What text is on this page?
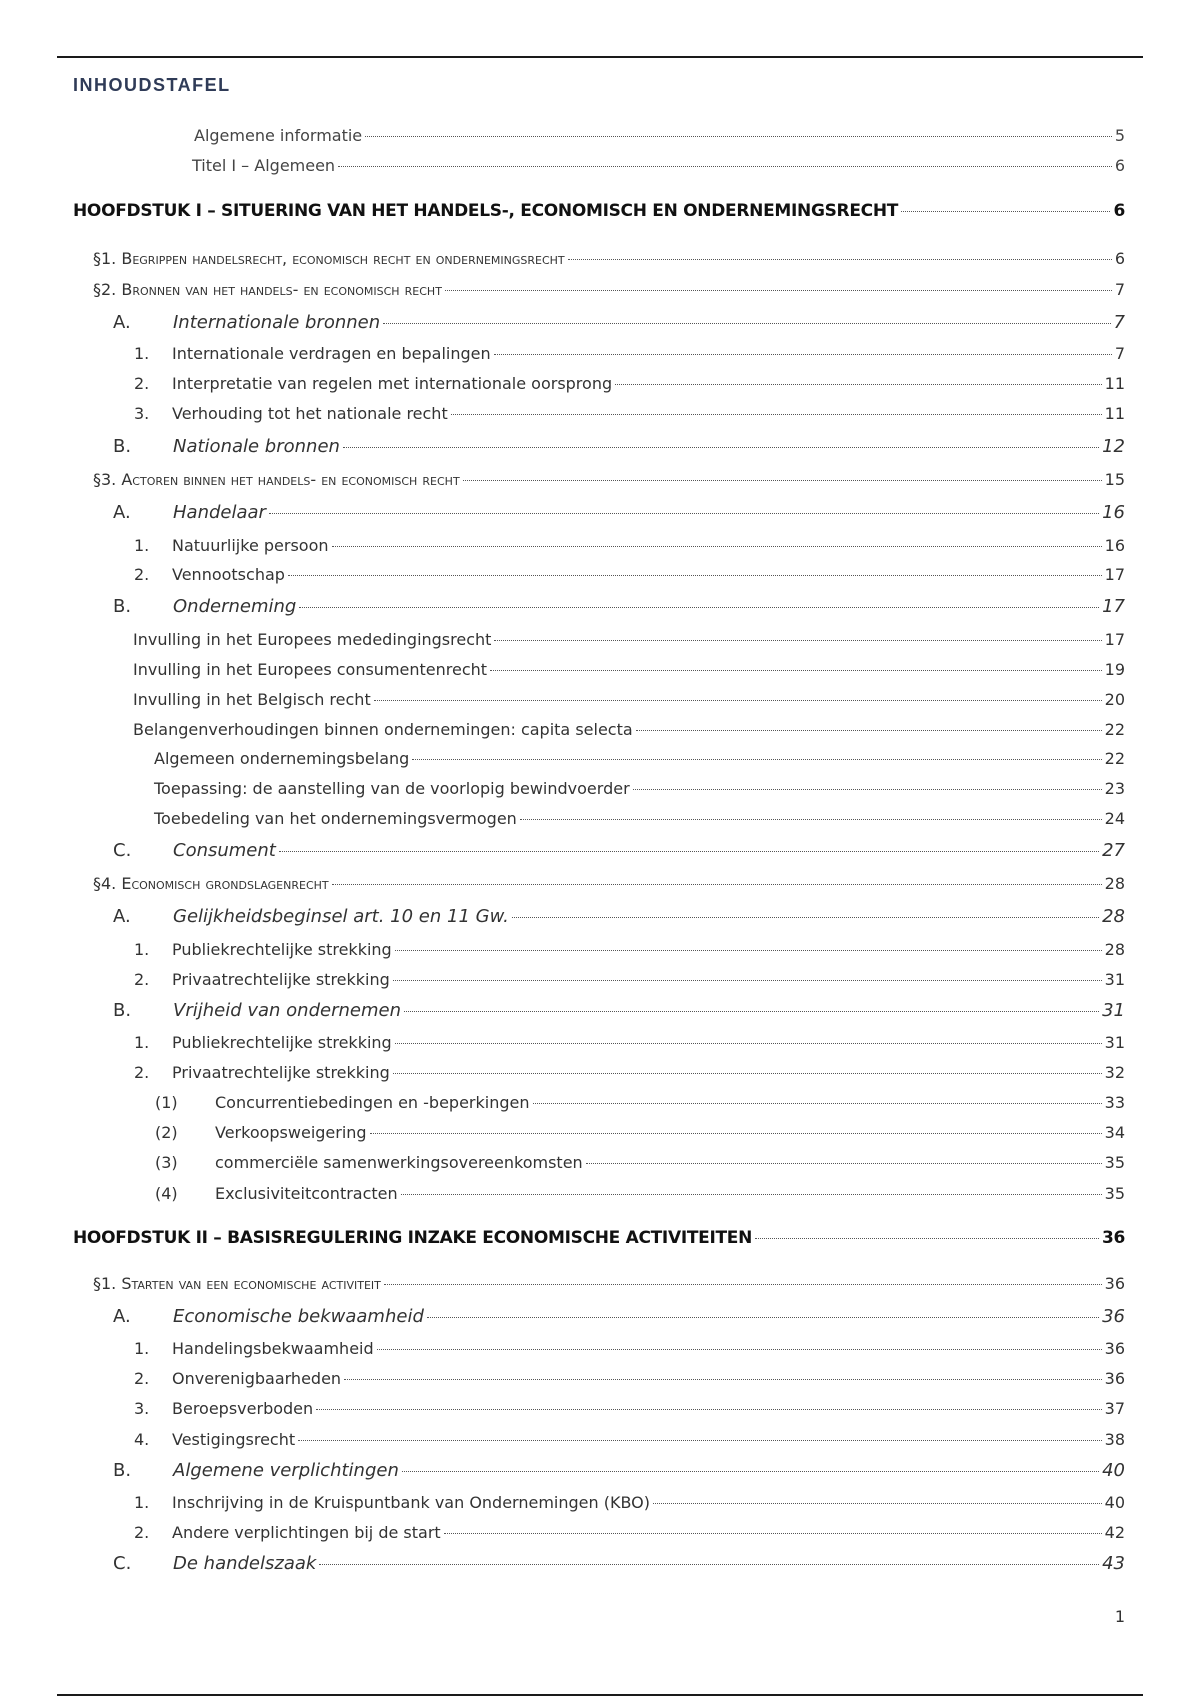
INHOUDSTAFEL
Algemene informatie	5
Titel I – Algemeen	6
HOOFDSTUK I – SITUERING VAN HET HANDELS-, ECONOMISCH EN ONDERNEMINGSRECHT	6
§1. Begrippen handelsrecht, economisch recht en ondernemingsrecht	6
§2. Bronnen van het handels- en economisch recht	7
A.	Internationale bronnen	7
1.	Internationale verdragen en bepalingen	7
2.	Interpretatie van regelen met internationale oorsprong	11
3.	Verhouding tot het nationale recht	11
B.	Nationale bronnen	12
§3. Actoren binnen het handels- en economisch recht	15
A.	Handelaar	16
1.	Natuurlijke persoon	16
2.	Vennootschap	17
B.	Onderneming	17
Invulling in het Europees mededingingsrecht	17
Invulling in het Europees consumentenrecht	19
Invulling in het Belgisch recht	20
Belangenverhoudingen binnen ondernemingen: capita selecta	22
Algemeen ondernemingsbelang	22
Toepassing: de aanstelling van de voorlopig bewindvoerder	23
Toebedeling van het ondernemingsvermogen	24
C.	Consument	27
§4. Economisch grondslagenrecht	28
A.	Gelijkheidsbeginsel art. 10 en 11 Gw.	28
1.	Publiekrechtelijke strekking	28
2.	Privaatrechtelijke strekking	31
B.	Vrijheid van ondernemen	31
1.	Publiekrechtelijke strekking	31
2.	Privaatrechtelijke strekking	32
(1)	Concurrentiebedingen en -beperkingen	33
(2)	Verkoopsweigering	34
(3)	commerciële samenwerkingsovereenkomsten	35
(4)	Exclusiviteitcontracten	35
HOOFDSTUK II – BASISREGULERING INZAKE ECONOMISCHE ACTIVITEITEN	36
§1. Starten van een economische activiteit	36
A.	Economische bekwaamheid	36
1.	Handelingsbekwaamheid	36
2.	Onverenigbaarheden	36
3.	Beroepsverboden	37
4.	Vestigingsrecht	38
B.	Algemene verplichtingen	40
1.	Inschrijving in de Kruispuntbank van Ondernemingen (KBO)	40
2.	Andere verplichtingen bij de start	42
C.	De handelszaak	43
1
